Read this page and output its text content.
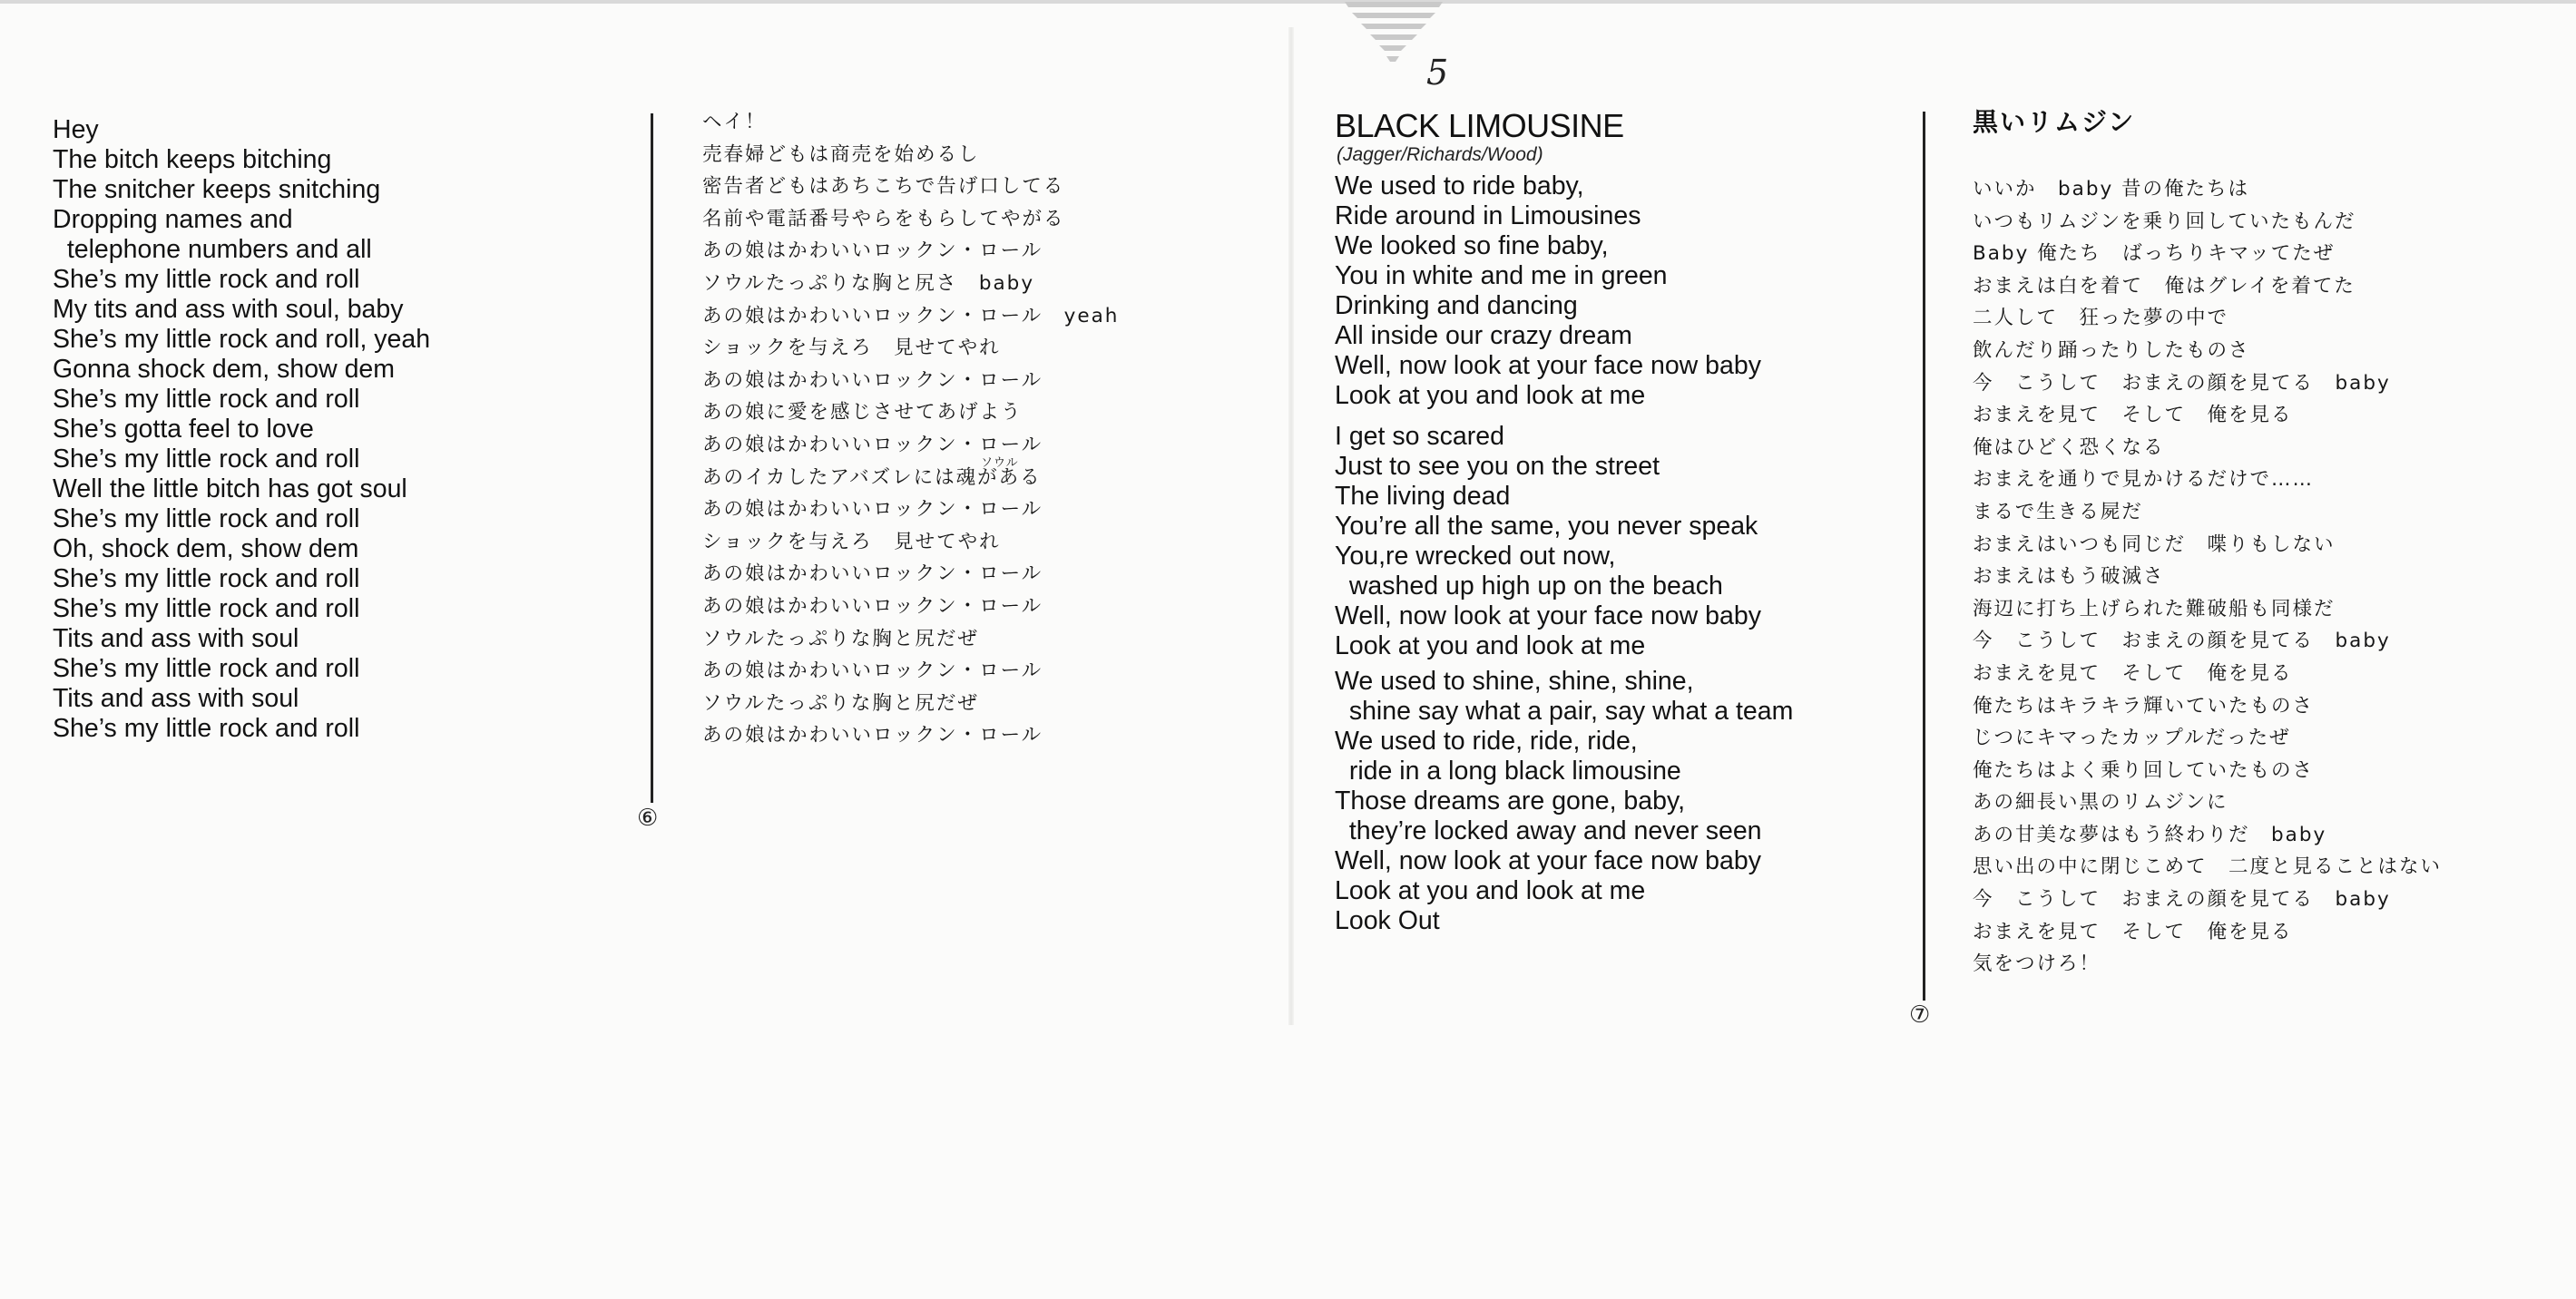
5
Hey
The bitch keeps bitching
The snitcher keeps snitching
Dropping names and
telephone numbers and all
She’s my little rock and roll
My tits and ass with soul, baby
She’s my little rock and roll, yeah
Gonna shock dem, show dem
She’s my little rock and roll
She’s gotta feel to love
She’s my little rock and roll
Well the little bitch has got soul
She’s my little rock and roll
Oh, shock dem, show dem
She’s my little rock and roll
She’s my little rock and roll
Tits and ass with soul
She’s my little rock and roll
Tits and ass with soul
She’s my little rock and roll
ヘイ！
売春婦どもは商売を始めるし
密告者どもはあちこちで告げ口してる
名前や電話番号やらをもらしてやがる
あの娘はかわいいロックン・ロール
ソウルたっぷりな胸と尻さ　baby
あの娘はかわいいロックン・ロール　yeah
ショックを与えろ　見せてやれ
あの娘はかわいいロックン・ロール
あの娘に愛を感じさせてあげよう
あの娘はかわいいロックン・ロール
あのイカしたアバズレには魂がある
あの娘はかわいいロックン・ロール
ショックを与えろ　見せてやれ
あの娘はかわいいロックン・ロール
あの娘はかわいいロックン・ロール
ソウルたっぷりな胸と尻だぜ
あの娘はかわいいロックン・ロール
ソウルたっぷりな胸と尻だぜ
あの娘はかわいいロックン・ロール
ソウル
⑥
BLACK LIMOUSINE
(Jagger/Richards/Wood)
We used to ride baby,
Ride around in Limousines
We looked so fine baby,
You in white and me in green
Drinking and dancing
All inside our crazy dream
Well, now look at your face now baby
Look at you and look at me
I get so scared
Just to see you on the street
The living dead
You’re all the same, you never speak
You,re wrecked out now,
washed up high up on the beach
Well, now look at your face now baby
Look at you and look at me
We used to shine, shine, shine,
shine say what a pair, say what a team
We used to ride, ride, ride,
ride in a long black limousine
Those dreams are gone, baby,
they’re locked away and never seen
Well, now look at your face now baby
Look at you and look at me
Look Out
黒いリムジン
いいか　baby 昔の俺たちは
いつもリムジンを乗り回していたもんだ
Baby 俺たち　ばっちりキマッてたぜ
おまえは白を着て　俺はグレイを着てた
二人して　狂った夢の中で
飲んだり踊ったりしたものさ
今　こうして　おまえの顔を見てる　baby
おまえを見て　そして　俺を見る
俺はひどく恐くなる
おまえを通りで見かけるだけで……
まるで生きる屍だ
おまえはいつも同じだ　喋りもしない
おまえはもう破滅さ
海辺に打ち上げられた難破船も同様だ
今　こうして　おまえの顔を見てる　baby
おまえを見て　そして　俺を見る
俺たちはキラキラ輝いていたものさ
じつにキマったカップルだったぜ
俺たちはよく乗り回していたものさ
あの細長い黒のリムジンに
あの甘美な夢はもう終わりだ　baby
思い出の中に閉じこめて　二度と見ることはない
今　こうして　おまえの顔を見てる　baby
おまえを見て　そして　俺を見る
気をつけろ！
⑦
